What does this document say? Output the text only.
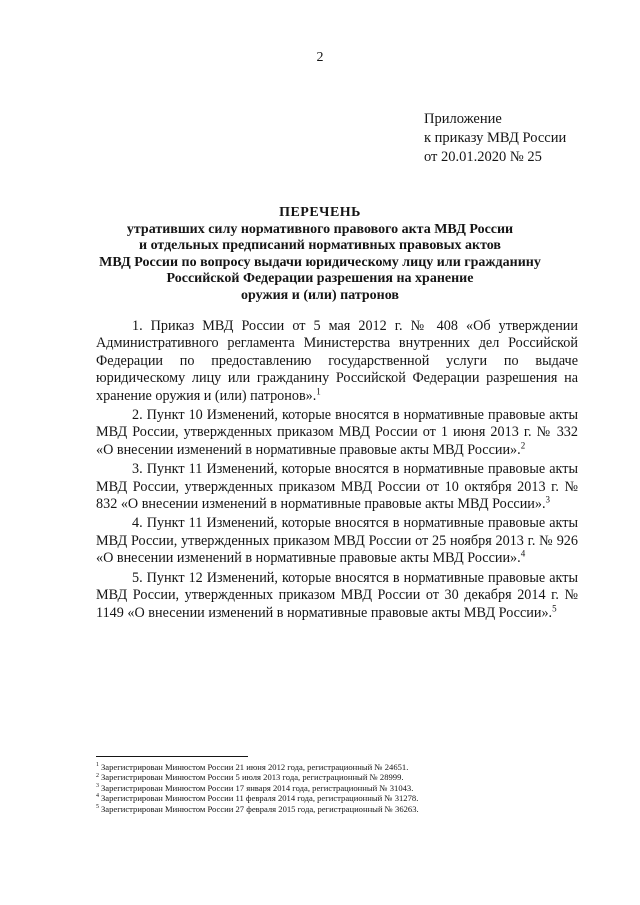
2
Приложение
к приказу МВД России
от 20.01.2020 № 25
ПЕРЕЧЕНЬ
утративших силу нормативного правового акта МВД России
и отдельных предписаний нормативных правовых актов
МВД России по вопросу выдачи юридическому лицу или гражданину
Российской Федерации разрешения на хранение
оружия и (или) патронов

1. Приказ МВД России от 5 мая 2012 г. № 408 «Об утверждении Административного регламента Министерства внутренних дел Российской Федерации по предоставлению государственной услуги по выдаче юридическому лицу или гражданину Российской Федерации разрешения на хранение оружия и (или) патронов».$^1$

2. Пункт 10 Изменений, которые вносятся в нормативные правовые акты МВД России, утвержденных приказом МВД России от 1 июня 2013 г. № 332 «О внесении изменений в нормативные правовые акты МВД России».$^2$

3. Пункт 11 Изменений, которые вносятся в нормативные правовые акты МВД России, утвержденных приказом МВД России от 10 октября 2013 г. № 832 «О внесении изменений в нормативные правовые акты МВД России».$^3$

4. Пункт 11 Изменений, которые вносятся в нормативные правовые акты МВД России, утвержденных приказом МВД России от 25 ноября 2013 г. № 926 «О внесении изменений в нормативные правовые акты МВД России».$^4$

5. Пункт 12 Изменений, которые вносятся в нормативные правовые акты МВД России, утвержденных приказом МВД России от 30 декабря 2014 г. № 1149 «О внесении изменений в нормативные правовые акты МВД России».$^5$

$^1$ Зарегистрирован Минюстом России 21 июня 2012 года, регистрационный № 24651.
$^2$ Зарегистрирован Минюстом России 5 июля 2013 года, регистрационный № 28999.
$^3$ Зарегистрирован Минюстом России 17 января 2014 года, регистрационный № 31043.
$^4$ Зарегистрирован Минюстом России 11 февраля 2014 года, регистрационный № 31278.
$^5$ Зарегистрирован Минюстом России 27 февраля 2015 года, регистрационный № 36263.
